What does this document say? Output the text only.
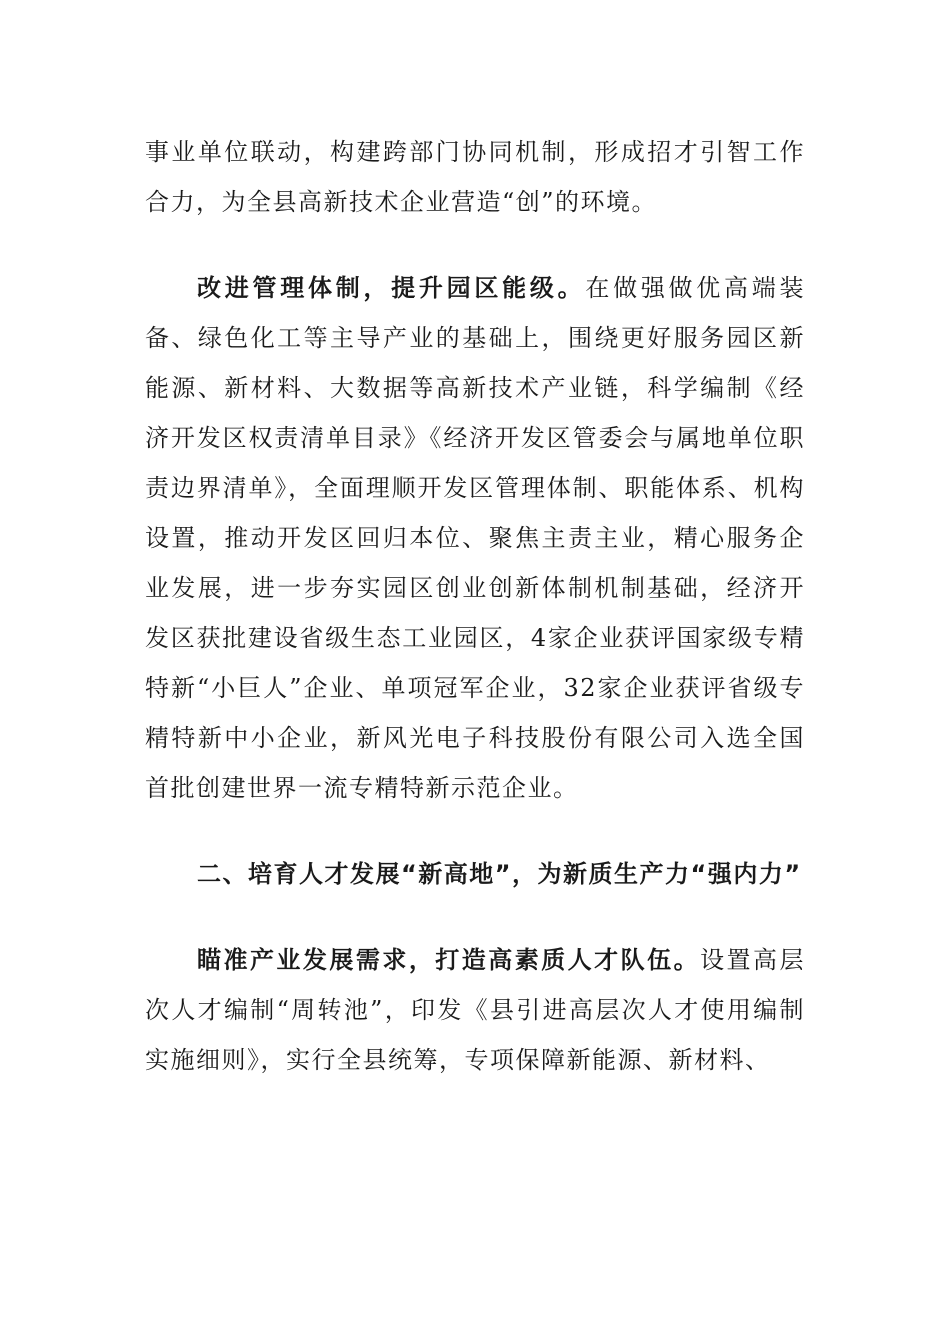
事业单位联动，构建跨部门协同机制，形成招才引智工作合力，为全县高新技术企业营造“创”的环境。

改进管理体制，提升园区能级。在做强做优高端装备、绿色化工等主导产业的基础上，围绕更好服务园区新能源、新材料、大数据等高新技术产业链，科学编制《经济开发区权责清单目录》《经济开发区管委会与属地单位职责边界清单》，全面理顺开发区管理体制、职能体系、机构设置，推动开发区回归本位、聚焦主责主业，精心服务企业发展，进一步夯实园区创业创新体制机制基础，经济开发区获批建设省级生态工业园区，4家企业获评国家级专精特新“小巨人”企业、单项冠军企业，32家企业获评省级专精特新中小企业，新风光电子科技股份有限公司入选全国首批创建世界一流专精特新示范企业。

二、培育人才发展“新高地”，为新质生产力“强内力”

瞄准产业发展需求，打造高素质人才队伍。设置高层次人才编制“周转池”，印发《县引进高层次人才使用编制实施细则》，实行全县统筹，专项保障新能源、新材料、
